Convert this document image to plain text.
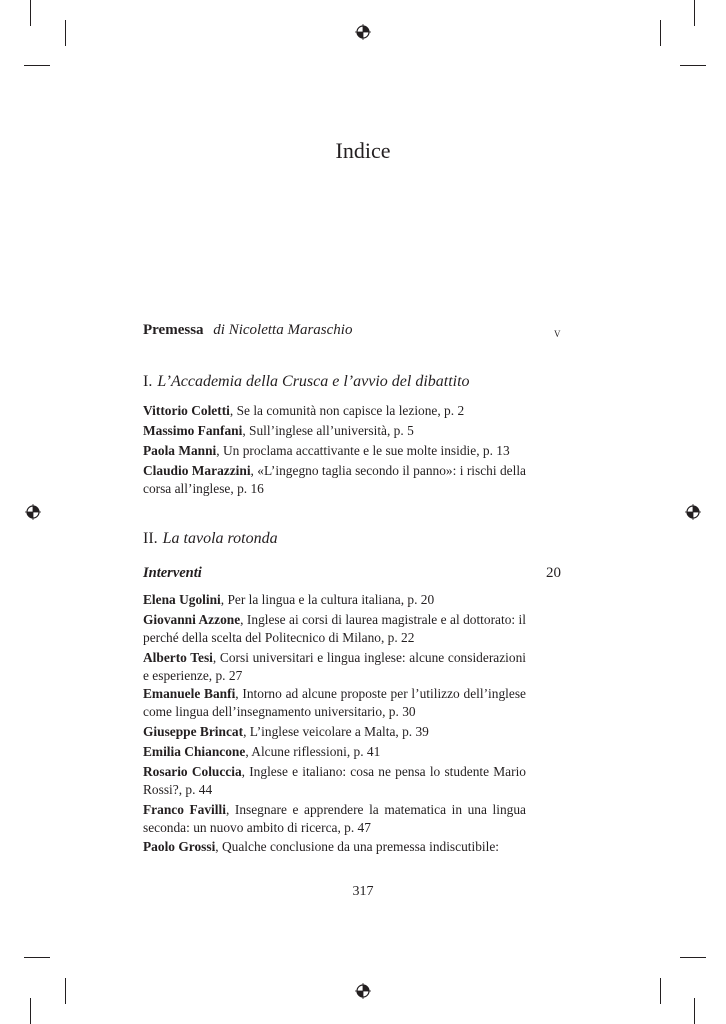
Indice
Premessa di Nicoletta Maraschio	v
I. L’Accademia della Crusca e l’avvio del dibattito
Vittorio Coletti, Se la comunità non capisce la lezione, p. 2
Massimo Fanfani, Sull’inglese all’università, p. 5
Paola Manni, Un proclama accattivante e le sue molte insidie, p. 13
Claudio Marazzini, «L’ingegno taglia secondo il panno»: i rischi della corsa all’inglese, p. 16
II. La tavola rotonda
Interventi	20
Elena Ugolini, Per la lingua e la cultura italiana, p. 20
Giovanni Azzone, Inglese ai corsi di laurea magistrale e al dottorato: il perché della scelta del Politecnico di Milano, p. 22
Alberto Tesi, Corsi universitari e lingua inglese: alcune considerazioni e esperienze, p. 27
Emanuele Banfi, Intorno ad alcune proposte per l’utilizzo dell’inglese come lingua dell’insegnamento universitario, p. 30
Giuseppe Brincat, L’inglese veicolare a Malta, p. 39
Emilia Chiancone, Alcune riflessioni, p. 41
Rosario Coluccia, Inglese e italiano: cosa ne pensa lo studente Mario Rossi?, p. 44
Franco Favilli, Insegnare e apprendere la matematica in una lingua seconda: un nuovo ambito di ricerca, p. 47
Paolo Grossi, Qualche conclusione da una premessa indiscutibile:
317
